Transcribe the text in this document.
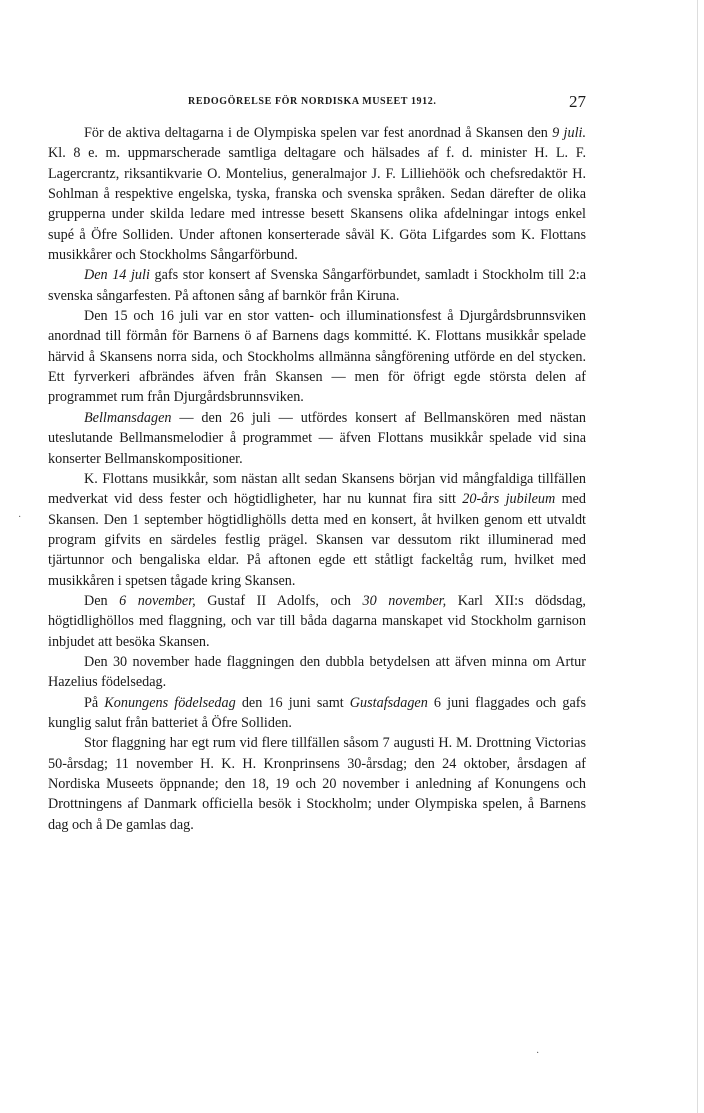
REDOGÖRELSE FÖR NORDISKA MUSEET 1912.	27

För de aktiva deltagarna i de Olympiska spelen var fest anordnad å Skansen den 9 juli. Kl. 8 e. m. uppmarscherade samtliga deltagare och hälsades af f. d. minister H. L. F. Lagercrantz, riksantikvarie O. Montelius, generalmajor J. F. Lilliehöök och chefsredaktör H. Sohlman å respektive engelska, tyska, franska och svenska språken. Sedan därefter de olika grupperna under skilda ledare med intresse besett Skansens olika afdelningar intogs enkel supé å Öfre Solliden. Under aftonen konserterade såväl K. Göta Lifgardes som K. Flottans musikkårer och Stockholms Sångarförbund.

Den 14 juli gafs stor konsert af Svenska Sångarförbundet, samladt i Stockholm till 2:a svenska sångarfesten. På aftonen sång af barnkör från Kiruna.

Den 15 och 16 juli var en stor vatten- och illuminationsfest å Djurgårdsbrunnsviken anordnad till förmån för Barnens ö af Barnens dags kommitté. K. Flottans musikkår spelade härvid å Skansens norra sida, och Stockholms allmänna sångförening utförde en del stycken. Ett fyrverkeri afbrändes äfven från Skansen — men för öfrigt egde största delen af programmet rum från Djurgårdsbrunnsviken.

Bellmansdagen — den 26 juli — utfördes konsert af Bellmanskören med nästan uteslutande Bellmansmelodier å programmet — äfven Flottans musikkår spelade vid sina konserter Bellmanskompositioner.

K. Flottans musikkår, som nästan allt sedan Skansens början vid mångfaldiga tillfällen medverkat vid dess fester och högtidligheter, har nu kunnat fira sitt 20-års jubileum med Skansen. Den 1 september högtidlighölls detta med en konsert, åt hvilken genom ett utvaldt program gifvits en särdeles festlig prägel. Skansen var dessutom rikt illuminerad med tjärtunnor och bengaliska eldar. På aftonen egde ett ståtligt fackeltåg rum, hvilket med musikkåren i spetsen tågade kring Skansen.

Den 6 november, Gustaf II Adolfs, och 30 november, Karl XII:s dödsdag, högtidlighöllos med flaggning, och var till båda dagarna manskapet vid Stockholm garnison inbjudet att besöka Skansen.

Den 30 november hade flaggningen den dubbla betydelsen att äfven minna om Artur Hazelius födelsedag.

På Konungens födelsedag den 16 juni samt Gustafsdagen 6 juni flaggades och gafs kunglig salut från batteriet å Öfre Solliden.

Stor flaggning har egt rum vid flere tillfällen såsom 7 augusti H. M. Drottning Victorias 50-årsdag; 11 november H. K. H. Kronprinsens 30-årsdag; den 24 oktober, årsdagen af Nordiska Museets öppnande; den 18, 19 och 20 november i anledning af Konungens och Drottningens af Danmark officiella besök i Stockholm; under Olympiska spelen, å Barnens dag och å De gamlas dag.

·
·
